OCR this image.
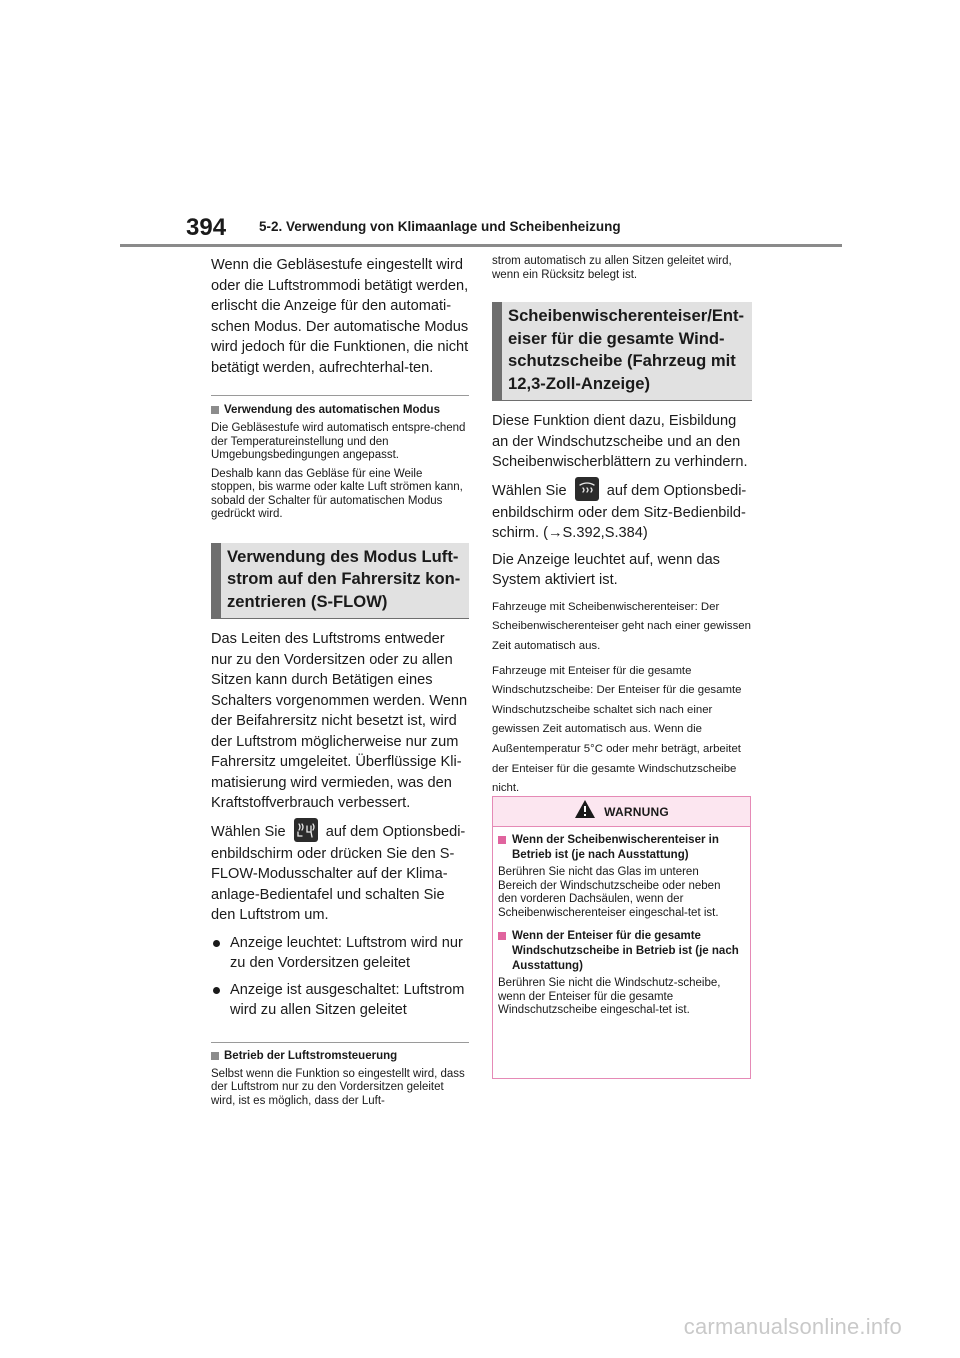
394 5-2. Verwendung von Klimaanlage und Scheibenheizung

Wenn die Gebläsestufe eingestellt wird oder die Luftstrommodi betätigt werden, erlischt die Anzeige für den automati-schen Modus. Der automatische Modus wird jedoch für die Funktionen, die nicht betätigt werden, aufrechterhal-ten.

Verwendung des automatischen Modus

Die Gebläsestufe wird automatisch entspre-chend der Temperatureinstellung und den Umgebungsbedingungen angepasst.

Deshalb kann das Gebläse für eine Weile stoppen, bis warme oder kalte Luft strömen kann, sobald der Schalter für automatischen Modus gedrückt wird.

Verwendung des Modus Luft-strom auf den Fahrersitz kon-zentrieren (S-FLOW)

Das Leiten des Luftstroms entweder nur zu den Vordersitzen oder zu allen Sitzen kann durch Betätigen eines Schalters vorgenommen werden. Wenn der Beifahrersitz nicht besetzt ist, wird der Luftstrom möglicherweise nur zum Fahrersitz umgeleitet. Überflüssige Kli-matisierung wird vermieden, was den Kraftstoffverbrauch verbessert.

Wählen Sie	auf dem Optionsbedi-enbildschirm oder drücken Sie den S-FLOW-Modusschalter auf der Klima-anlage-Bedientafel und schalten Sie den Luftstrom um.

Anzeige leuchtet: Luftstrom wird nur zu den Vordersitzen geleitet
Anzeige ist ausgeschaltet: Luftstrom wird zu allen Sitzen geleitet
Betrieb der Luftstromsteuerung

Selbst wenn die Funktion so eingestellt wird, dass der Luftstrom nur zu den Vordersitzen geleitet wird, ist es möglich, dass der Luft-

strom automatisch zu allen Sitzen geleitet wird, wenn ein Rücksitz belegt ist.

Scheibenwischerenteiser/Ent-eiser für die gesamte Wind-schutzscheibe (Fahrzeug mit 12,3-Zoll-Anzeige)

Diese Funktion dient dazu, Eisbildung an der Windschutzscheibe und an den Scheibenwischerblättern zu verhindern.

Wählen Sie	auf dem Optionsbedi-enbildschirm oder dem Sitz-Bedienbild-schirm. (→S.392,S.384)

Die Anzeige leuchtet auf, wenn das System aktiviert ist.

Fahrzeuge mit Scheibenwischerenteiser: Der Scheibenwischerenteiser geht nach einer gewissen Zeit automatisch aus.

Fahrzeuge mit Enteiser für die gesamte Windschutzscheibe: Der Enteiser für die gesamte Windschutzscheibe schaltet sich nach einer gewissen Zeit automatisch aus. Wenn die Außentemperatur 5°C oder mehr beträgt, arbeitet der Enteiser für die gesamte Windschutzscheibe nicht.

WARNUNG
Wenn der Scheibenwischerenteiser in Betrieb ist (je nach Ausstattung)

Berühren Sie nicht das Glas im unteren Bereich der Windschutzscheibe oder neben den vorderen Dachsäulen, wenn der Scheibenwischerenteiser eingeschal-tet ist.

Wenn der Enteiser für die gesamte Windschutzscheibe in Betrieb ist (je nach Ausstattung)

Berühren Sie nicht die Windschutz-scheibe, wenn der Enteiser für die gesamte Windschutzscheibe eingeschal-tet ist.

carmanualsonline.info
